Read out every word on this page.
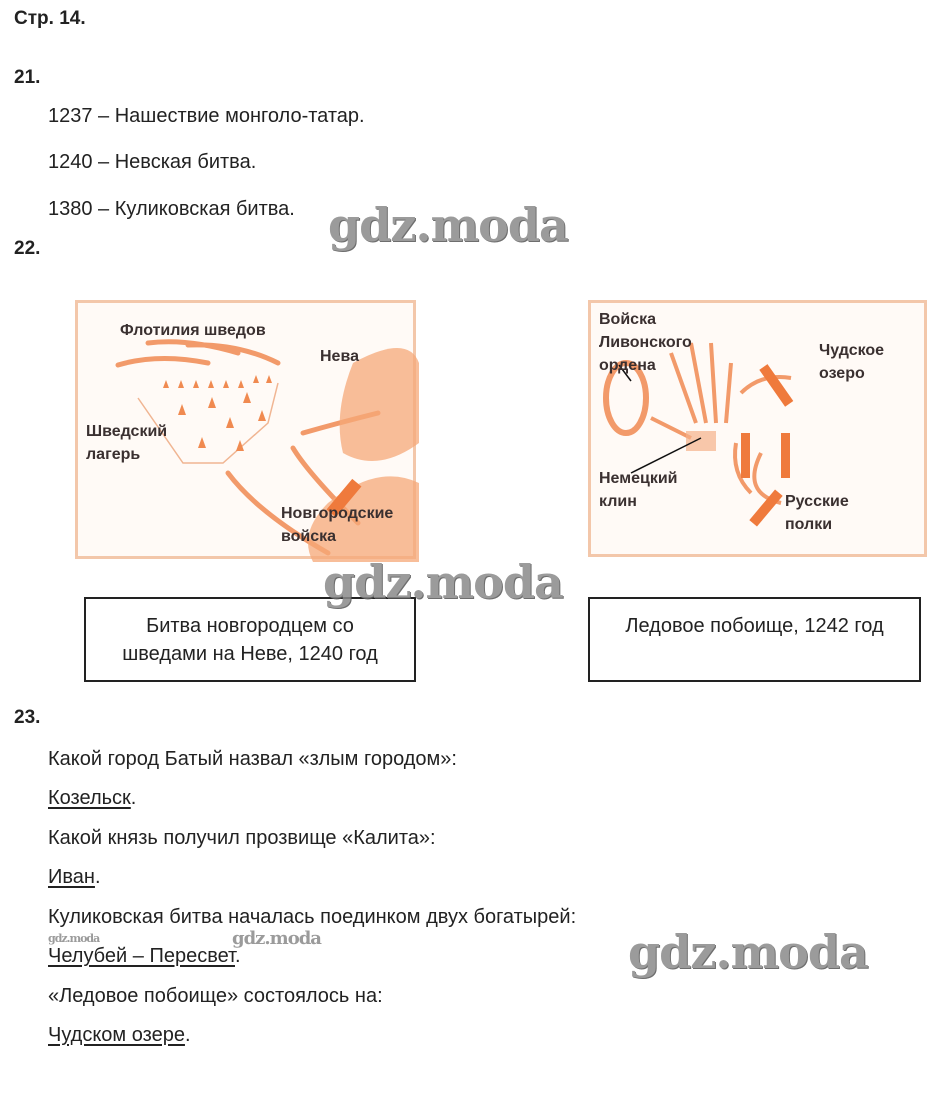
Стр. 14.
21.
1237 – Нашествие монголо-татар.
1240 – Невская битва.
1380 – Куликовская битва.
22.
Флотилия шведов
Нева
Шведский
лагерь
Новгородские
войска
Войска
Ливонского
ордена
Чудское
озеро
Немецкий
клин	Русские
полки
Битва новгородцем со
шведами на Неве, 1240 год
Ледовое побоище, 1242 год
23.
Какой город Батый назвал «злым городом»:
Козельск.
Какой князь получил прозвище «Калита»:
Иван.
Куликовская битва началась поединком двух богатырей:
Челубей – Пересвет.
«Ледовое побоище» состоялось на:
Чудском озере.
gdz.moda
gdz.moda
gdz.moda
gdz.moda	gdz.moda
